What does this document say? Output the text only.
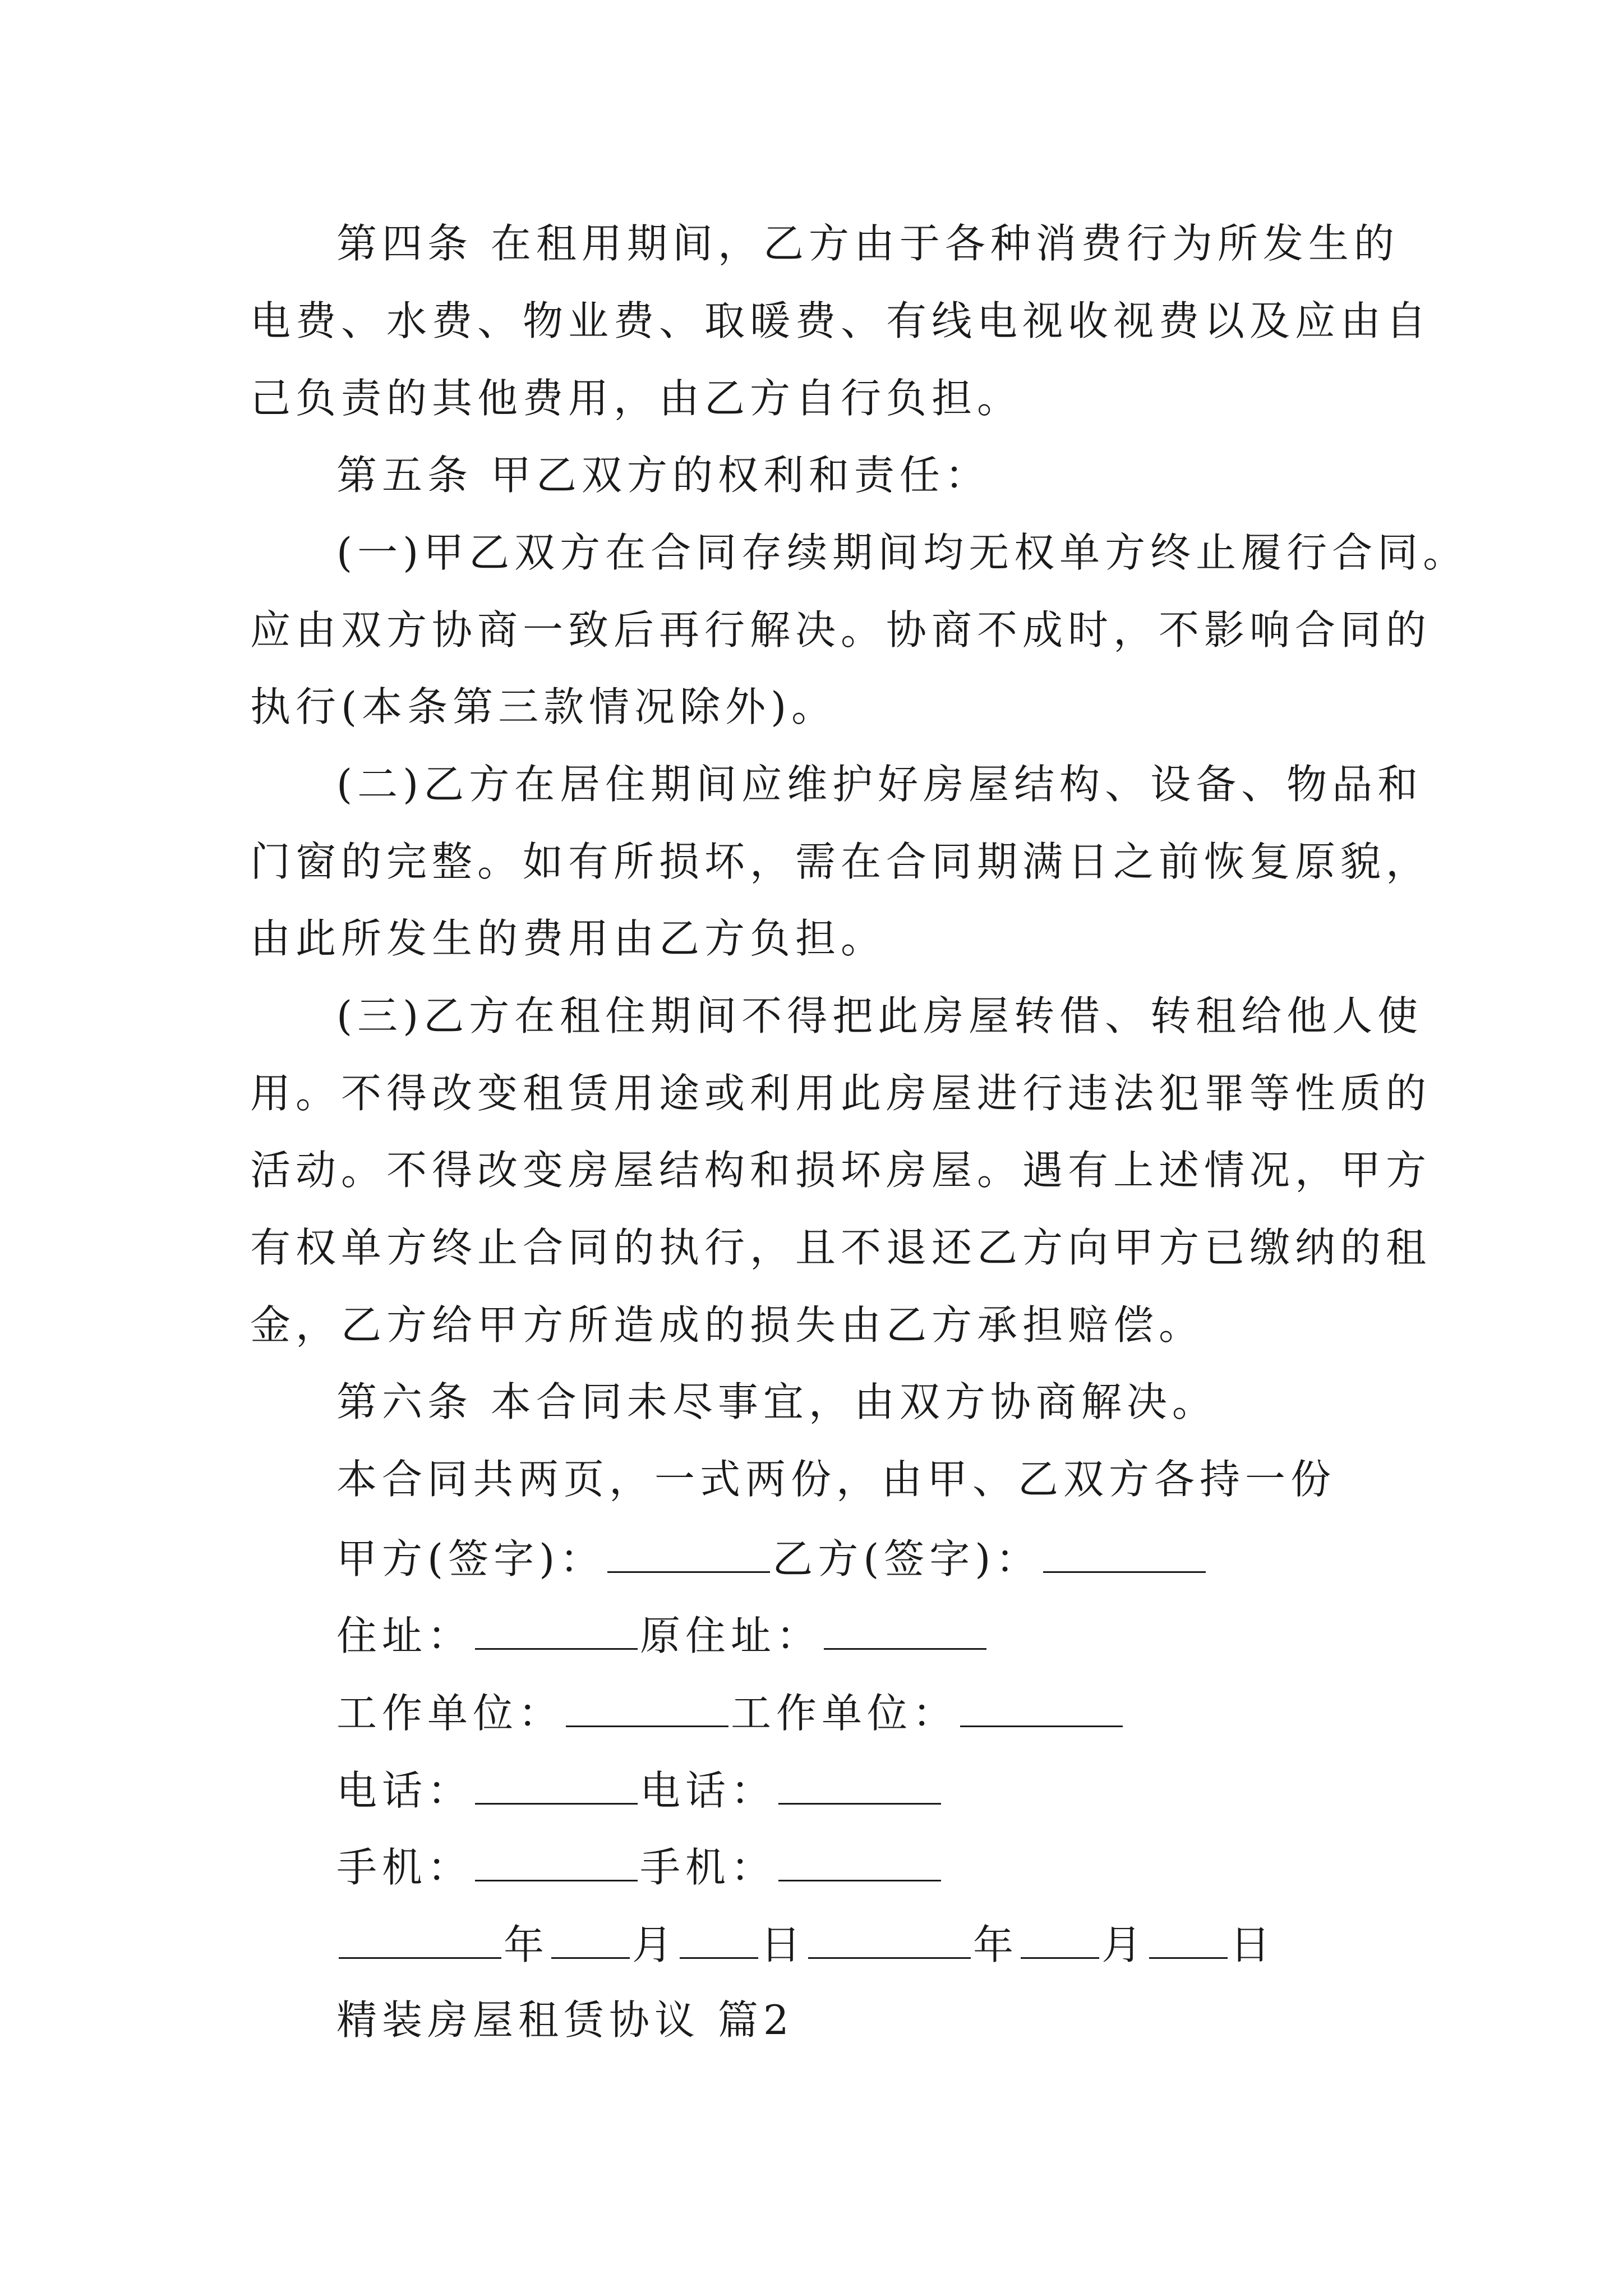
第四条 在租用期间，乙方由于各种消费行为所发生的
电费、水费、物业费、取暖费、有线电视收视费以及应由自
己负责的其他费用，由乙方自行负担。
第五条 甲乙双方的权利和责任：
(一)甲乙双方在合同存续期间均无权单方终止履行合同。
应由双方协商一致后再行解决。协商不成时，不影响合同的
执行(本条第三款情况除外)。
(二)乙方在居住期间应维护好房屋结构、设备、物品和
门窗的完整。如有所损坏，需在合同期满日之前恢复原貌，
由此所发生的费用由乙方负担。
(三)乙方在租住期间不得把此房屋转借、转租给他人使
用。不得改变租赁用途或利用此房屋进行违法犯罪等性质的
活动。不得改变房屋结构和损坏房屋。遇有上述情况，甲方
有权单方终止合同的执行，且不退还乙方向甲方已缴纳的租
金，乙方给甲方所造成的损失由乙方承担赔偿。
第六条 本合同未尽事宜，由双方协商解决。
本合同共两页，一式两份，由甲、乙双方各持一份
甲方(签字)：	乙方(签字)：
住址：	原住址：
工作单位：	工作单位：
电话：	电话：
手机：	手机：
年 月 日	年 月 日
精装房屋租赁协议 篇2
